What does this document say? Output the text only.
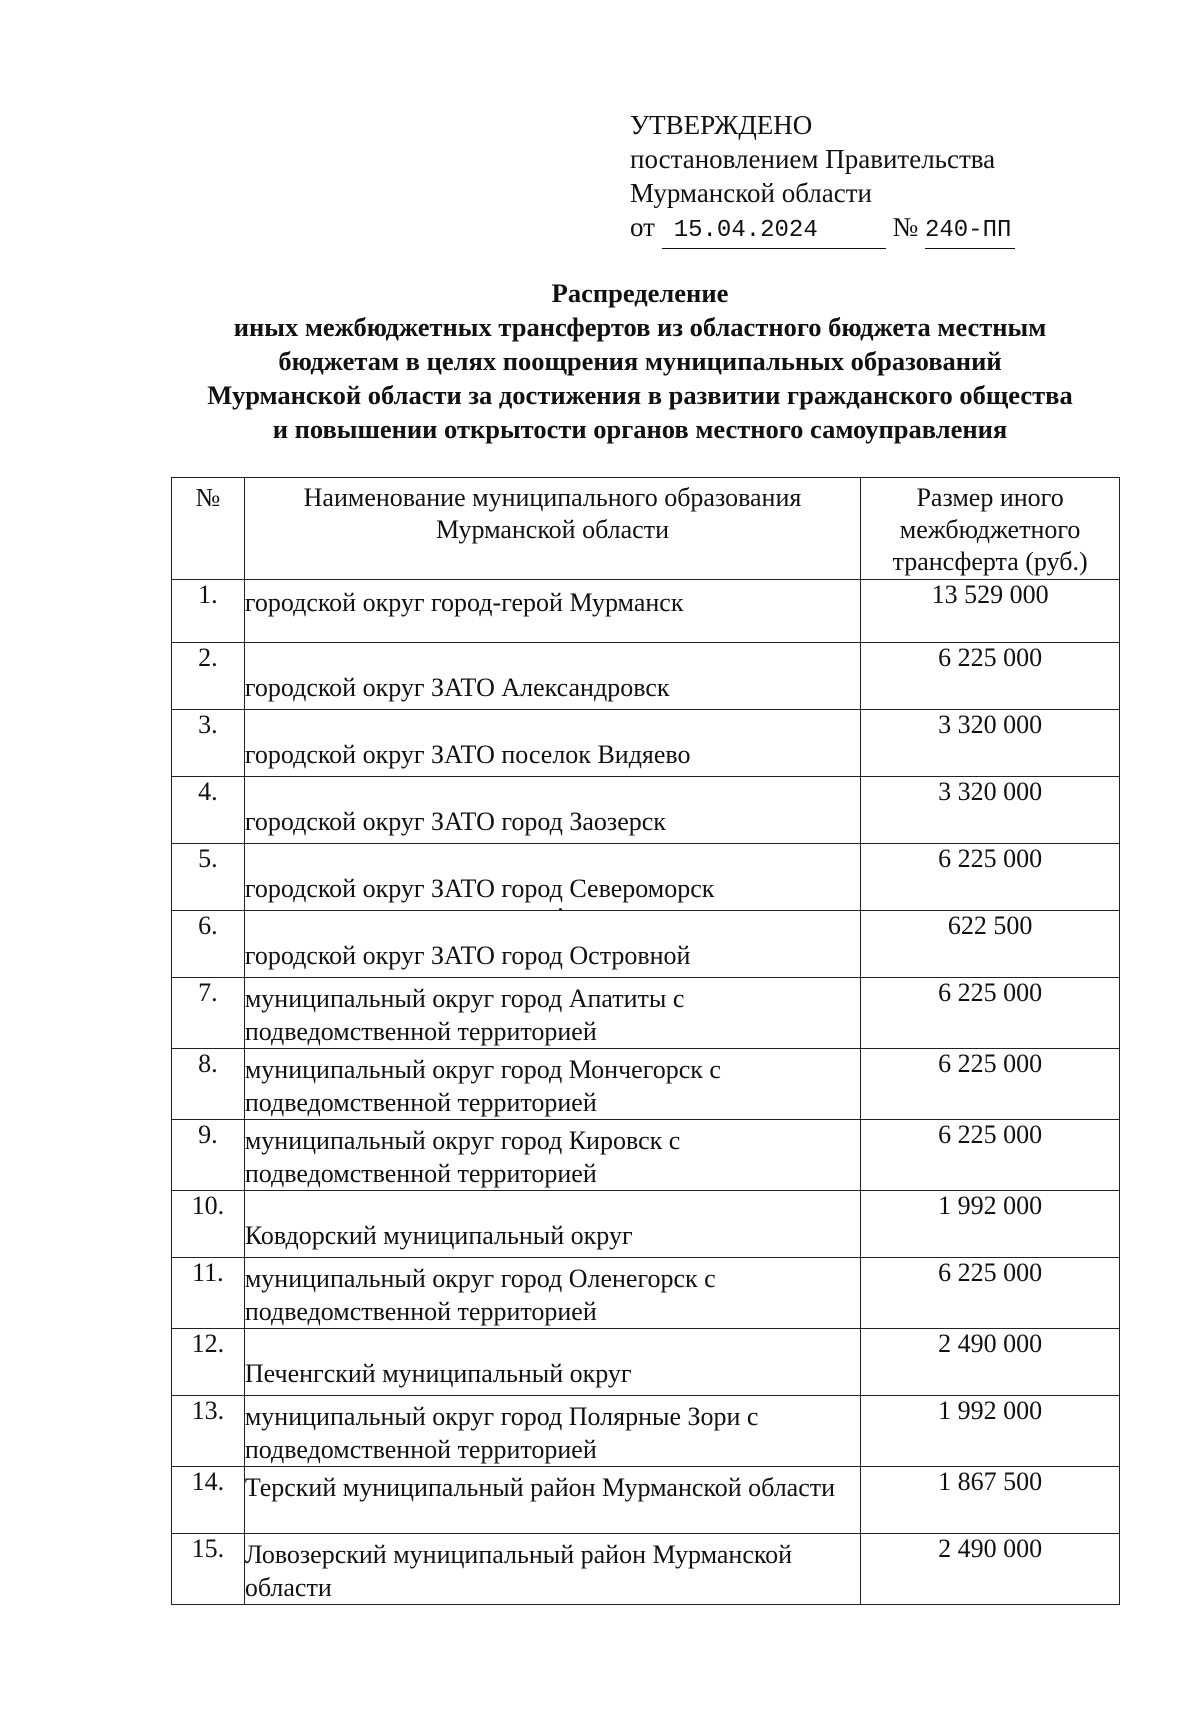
УТВЕРЖДЕНО
постановлением Правительства
Мурманской области
от 15.04.2024	№ 240-ПП
Распределение
иных межбюджетных трансфертов из областного бюджета местным
бюджетам в целях поощрения муниципальных образований
Мурманской области за достижения в развитии гражданского общества
и повышении открытости органов местного самоуправления
№	Наименование муниципального образования Мурманской области	Размер иного межбюджетного трансферта (руб.)

1.	городской округ город-герой Мурманск	13 529 000
2.	городской округ ЗАТО Александровск	6 225 000
3.	городской округ ЗАТО поселок Видяево	3 320 000
4.	городской округ ЗАТО город Заозерск	3 320 000
5.	городской округ ЗАТО город Североморск	6 225 000
6.	городской округ ЗАТО город Островной	622 500
7.	муниципальный округ город Апатиты с подведомственной территорией	6 225 000
8.	муниципальный округ город Мончегорск с подведомственной территорией	6 225 000
9.	муниципальный округ город Кировск с подведомственной территорией	6 225 000
10.	Ковдорский муниципальный округ	1 992 000
11.	муниципальный округ город Оленегорск с подведомственной территорией	6 225 000
12.	Печенгский муниципальный округ	2 490 000
13.	муниципальный округ город Полярные Зори с подведомственной территорией	1 992 000
14.	Терский муниципальный район Мурманской области	1 867 500
15.	Ловозерский муниципальный район Мурманской области	2 490 000
